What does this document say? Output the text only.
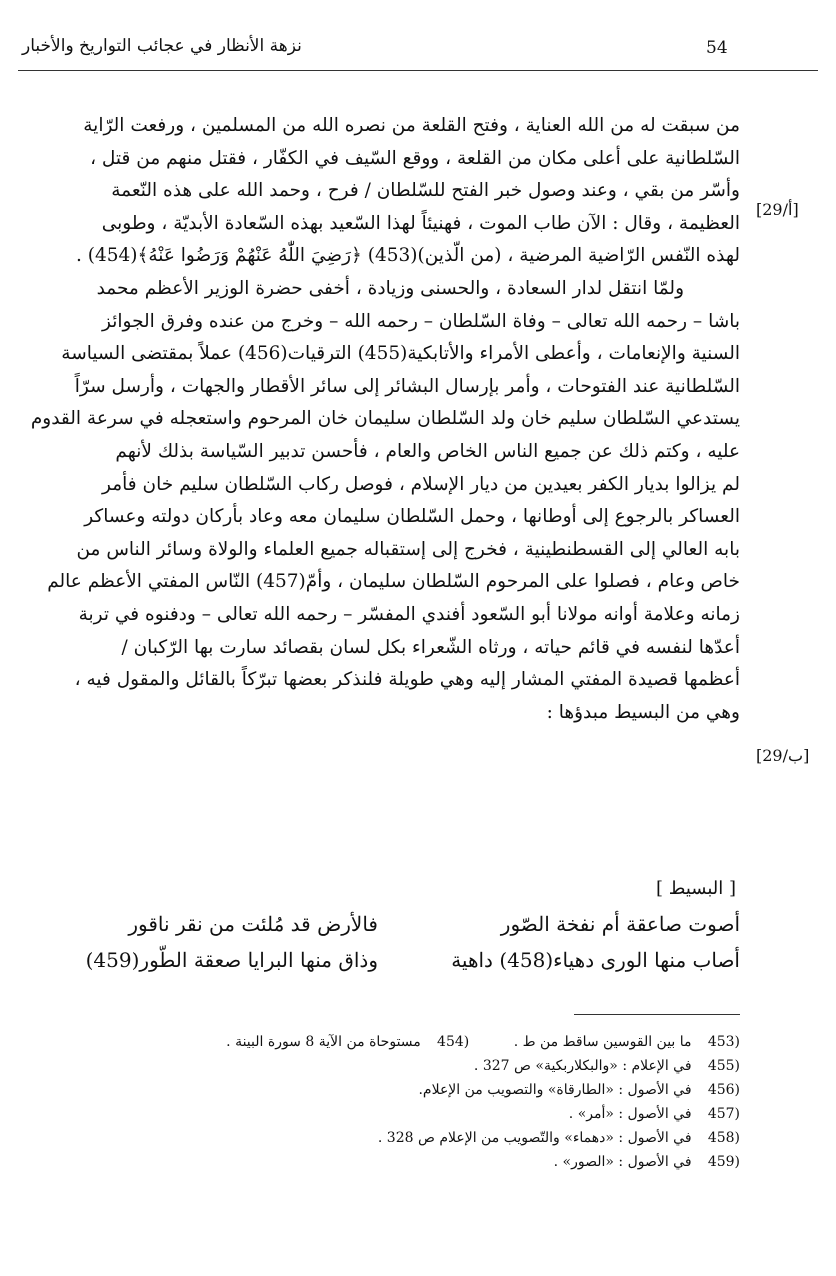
نزهة الأنظار في عجائب التواريخ والأخبار	54
[29/أ]
[29/ب]
من سبقت له من الله العناية ، وفتح القلعة من نصره الله من المسلمين ، ورفعت الرّاية
السّلطانية على أعلى مكان من القلعة ، ووقع السّيف في الكفّار ، فقتل منهم من قتل ،
وأسّر من بقي ، وعند وصول خبر الفتح للسّلطان / فرح ، وحمد الله على هذه النّعمة
العظيمة ، وقال : الآن طاب الموت ، فهنيئاً لهذا السّعيد بهذه السّعادة الأبديّة ، وطوبى
لهذه النّفس الرّاضية المرضية ، (من الّذين)(453) ﴿رَضِيَ اللّٰهُ عَنْهُمْ وَرَضُوا عَنْهُ﴾(454) .
ولمّا انتقل لدار السعادة ، والحسنى وزيادة ، أخفى حضرة الوزير الأعظم محمد
باشا – رحمه الله تعالى – وفاة السّلطان – رحمه الله – وخرج من عنده وفرق الجوائز
السنية والإنعامات ، وأعطى الأمراء والأتابكية(455) الترقيات(456) عملاً بمقتضى السياسة
السّلطانية عند الفتوحات ، وأمر بإرسال البشائر إلى سائر الأقطار والجهات ، وأرسل سرّاً
يستدعي السّلطان سليم خان ولد السّلطان سليمان خان المرحوم واستعجله في سرعة القدوم
عليه ، وكتم ذلك عن جميع الناس الخاص والعام ، فأحسن تدبير السّياسة بذلك لأنهم
لم يزالوا بديار الكفر بعيدين من ديار الإسلام ، فوصل ركاب السّلطان سليم خان فأمر
العساكر بالرجوع إلى أوطانها ، وحمل السّلطان سليمان معه وعاد بأركان دولته وعساكر
بابه العالي إلى القسطنطينية ، فخرج إلى إستقباله جميع العلماء والولاة وسائر الناس من
خاص وعام ، فصلوا على المرحوم السّلطان سليمان ، وأمّ(457) النّاس المفتي الأعظم عالم
زمانه وعلامة أوانه مولانا أبو السّعود أفندي المفسّر – رحمه الله تعالى – ودفنوه في تربة
أعدّها لنفسه في قائم حياته ، ورثاه الشّعراء بكل لسان بقصائد سارت بها الرّكبان /
أعظمها قصيدة المفتي المشار إليه وهي طويلة فلنذكر بعضها تبرّكاً بالقائل والمقول فيه ،
وهي من البسيط مبدؤها :
[ البسيط ]
أصوت صاعقة أم نفخة الصّور
فالأرض قد مُلئت من نقر ناقور
أصاب منها الورى دهياء(458) داهية
وذاق منها البرايا صعقة الطّور(459)
453) ما بين القوسين ساقط من ط . 454) مستوحاة من الآية 8 سورة البينة .
455) في الإعلام : «والبكلاربكية» ص 327 .
456) في الأصول : «الطارقاة» والتصويب من الإعلام.
457) في الأصول : «أمر» .
458) في الأصول : «دهماء» والتّصويب من الإعلام ص 328 .
459) في الأصول : «الصور» .
